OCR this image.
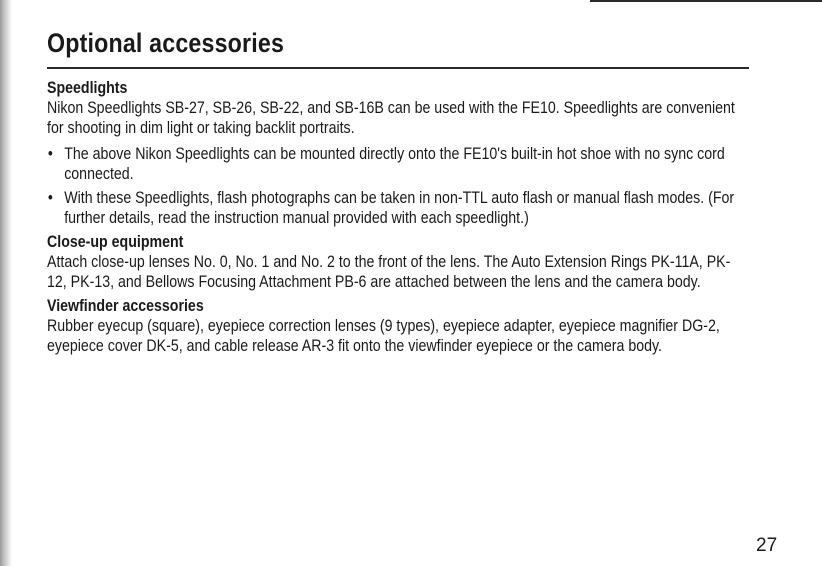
Optional accessories
Speedlights

Nikon Speedlights SB-27, SB-26, SB-22, and SB-16B can be used with the FE10. Speedlights are convenient for shooting in dim light or taking backlit portraits.

• The above Nikon Speedlights can be mounted directly onto the FE10's built-in hot shoe with no sync cord connected.
• With these Speedlights, flash photographs can be taken in non-TTL auto flash or manual flash modes. (For further details, read the instruction manual provided with each speedlight.)
Close-up equipment

Attach close-up lenses No. 0, No. 1 and No. 2 to the front of the lens. The Auto Extension Rings PK-11A, PK-12, PK-13, and Bellows Focusing Attachment PB-6 are attached between the lens and the camera body.

Viewfinder accessories

Rubber eyecup (square), eyepiece correction lenses (9 types), eyepiece adapter, eyepiece magnifier DG-2, eyepiece cover DK-5, and cable release AR-3 fit onto the viewfinder eyepiece or the camera body.

27
